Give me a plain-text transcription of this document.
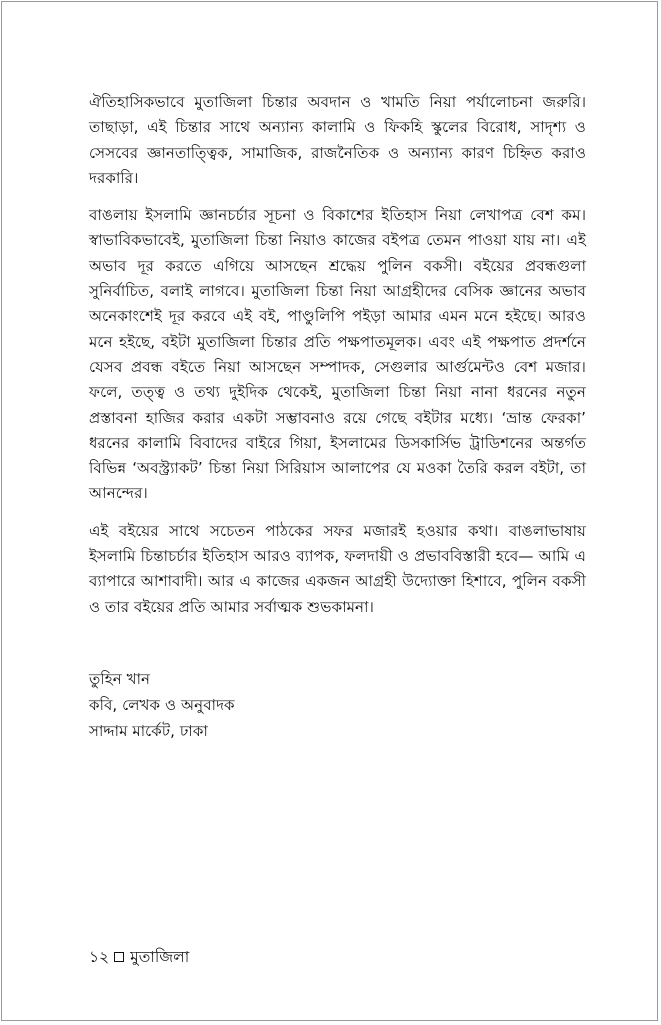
ঐতিহাসিকভাবে মুতাজিলা চিন্তার অবদান ও খামতি নিয়া পর্যালোচনা জরুরি। তাছাড়া, এই চিন্তার সাথে অন্যান্য কালামি ও ফিকহি স্কুলের বিরোধ, সাদৃশ্য ও সেসবের জ্ঞানতাত্ত্বিক, সামাজিক, রাজনৈতিক ও অন্যান্য কারণ চিহ্নিত করাও দরকারি।

বাঙলায় ইসলামি জ্ঞানচর্চার সূচনা ও বিকাশের ইতিহাস নিয়া লেখাপত্র বেশ কম। স্বাভাবিকভাবেই, মুতাজিলা চিন্তা নিয়াও কাজের বইপত্র তেমন পাওয়া যায় না। এই অভাব দূর করতে এগিয়ে আসছেন শ্রদ্ধেয় পুলিন বকসী। বইয়ের প্রবন্ধগুলা সুনির্বাচিত, বলাই লাগবে। মুতাজিলা চিন্তা নিয়া আগ্রহীদের বেসিক জ্ঞানের অভাব অনেকাংশেই দূর করবে এই বই, পাণ্ডুলিপি পইড়া আমার এমন মনে হইছে। আরও মনে হইছে, বইটা মুতাজিলা চিন্তার প্রতি পক্ষপাতমূলক। এবং এই পক্ষপাত প্রদর্শনে যেসব প্রবন্ধ বইতে নিয়া আসছেন সম্পাদক, সেগুলার আর্গুমেন্টও বেশ মজার। ফলে, তত্ত্ব ও তথ্য দুইদিক থেকেই, মুতাজিলা চিন্তা নিয়া নানা ধরনের নতুন প্রস্তাবনা হাজির করার একটা সম্ভাবনাও রয়ে গেছে বইটার মধ্যে। ‘ভ্রান্ত ফেরকা’ ধরনের কালামি বিবাদের বাইরে গিয়া, ইসলামের ডিসকার্সিভ ট্রাডিশনের অন্তর্গত বিভিন্ন ‘অবস্ট্র্যাকট’ চিন্তা নিয়া সিরিয়াস আলাপের যে মওকা তৈরি করল বইটা, তা আনন্দের।

এই বইয়ের সাথে সচেতন পাঠকের সফর মজারই হওয়ার কথা। বাঙলাভাষায় ইসলামি চিন্তাচর্চার ইতিহাস আরও ব্যাপক, ফলদায়ী ও প্রভাববিস্তারী হবে— আমি এ ব্যাপারে আশাবাদী। আর এ কাজের একজন আগ্রহী উদ্যোক্তা হিশাবে, পুলিন বকসী ও তার বইয়ের প্রতি আমার সর্বাত্মক শুভকামনা।

তুহিন খান
কবি, লেখক ও অনুবাদক
সাদ্দাম মার্কেট, ঢাকা
১২ মুতাজিলা
